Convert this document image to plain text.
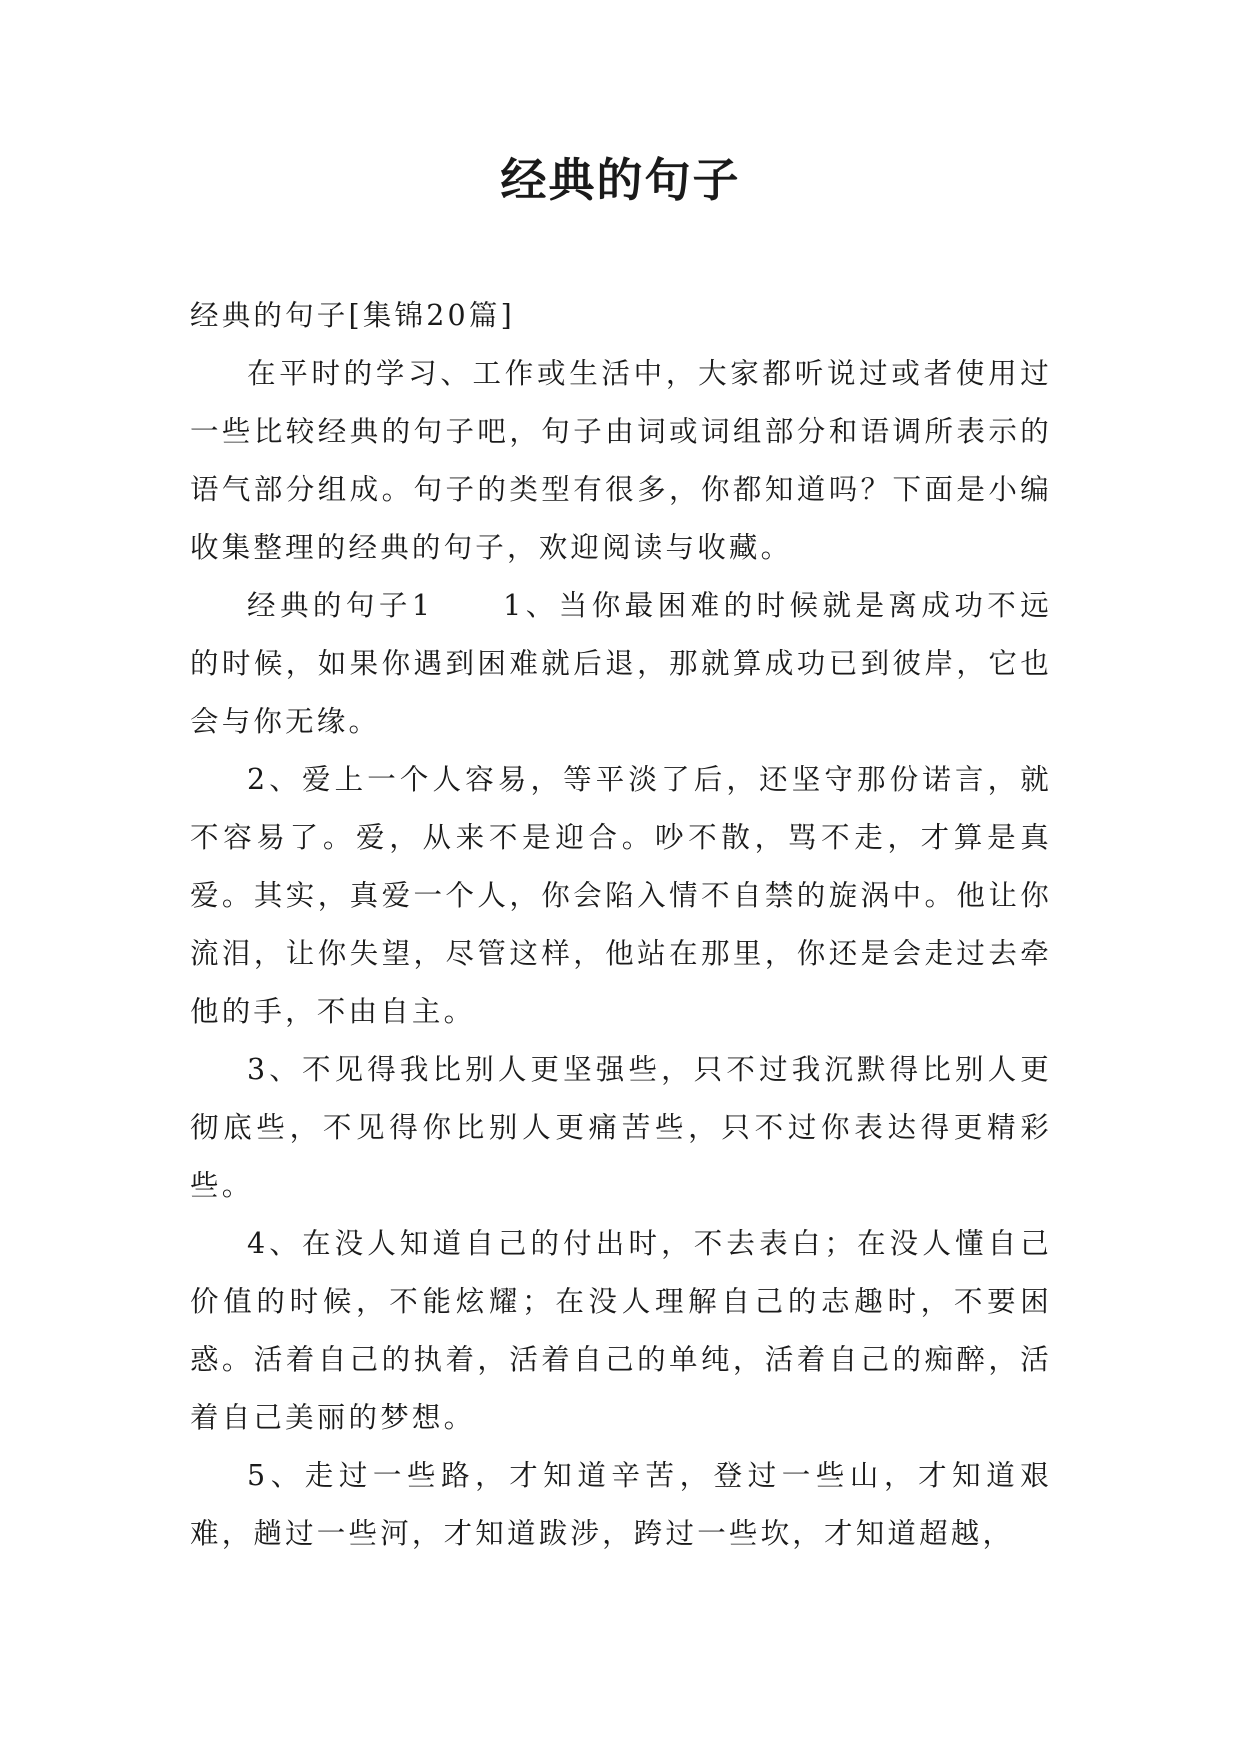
经典的句子

经典的句子[集锦20篇]

在平时的学习、工作或生活中，大家都听说过或者使用过一些比较经典的句子吧，句子由词或词组部分和语调所表示的语气部分组成。句子的类型有很多，你都知道吗？下面是小编收集整理的经典的句子，欢迎阅读与收藏。

经典的句子1 1、当你最困难的时候就是离成功不远的时候，如果你遇到困难就后退，那就算成功已到彼岸，它也会与你无缘。

2、爱上一个人容易，等平淡了后，还坚守那份诺言，就不容易了。爱，从来不是迎合。吵不散，骂不走，才算是真爱。其实，真爱一个人，你会陷入情不自禁的旋涡中。他让你流泪，让你失望，尽管这样，他站在那里，你还是会走过去牵他的手，不由自主。

3、不见得我比别人更坚强些，只不过我沉默得比别人更彻底些，不见得你比别人更痛苦些，只不过你表达得更精彩些。

4、在没人知道自己的付出时，不去表白；在没人懂自己价值的时候，不能炫耀；在没人理解自己的志趣时，不要困惑。活着自己的执着，活着自己的单纯，活着自己的痴醉，活着自己美丽的梦想。

5、走过一些路，才知道辛苦，登过一些山，才知道艰难，趟过一些河，才知道跋涉，跨过一些坎，才知道超越，
